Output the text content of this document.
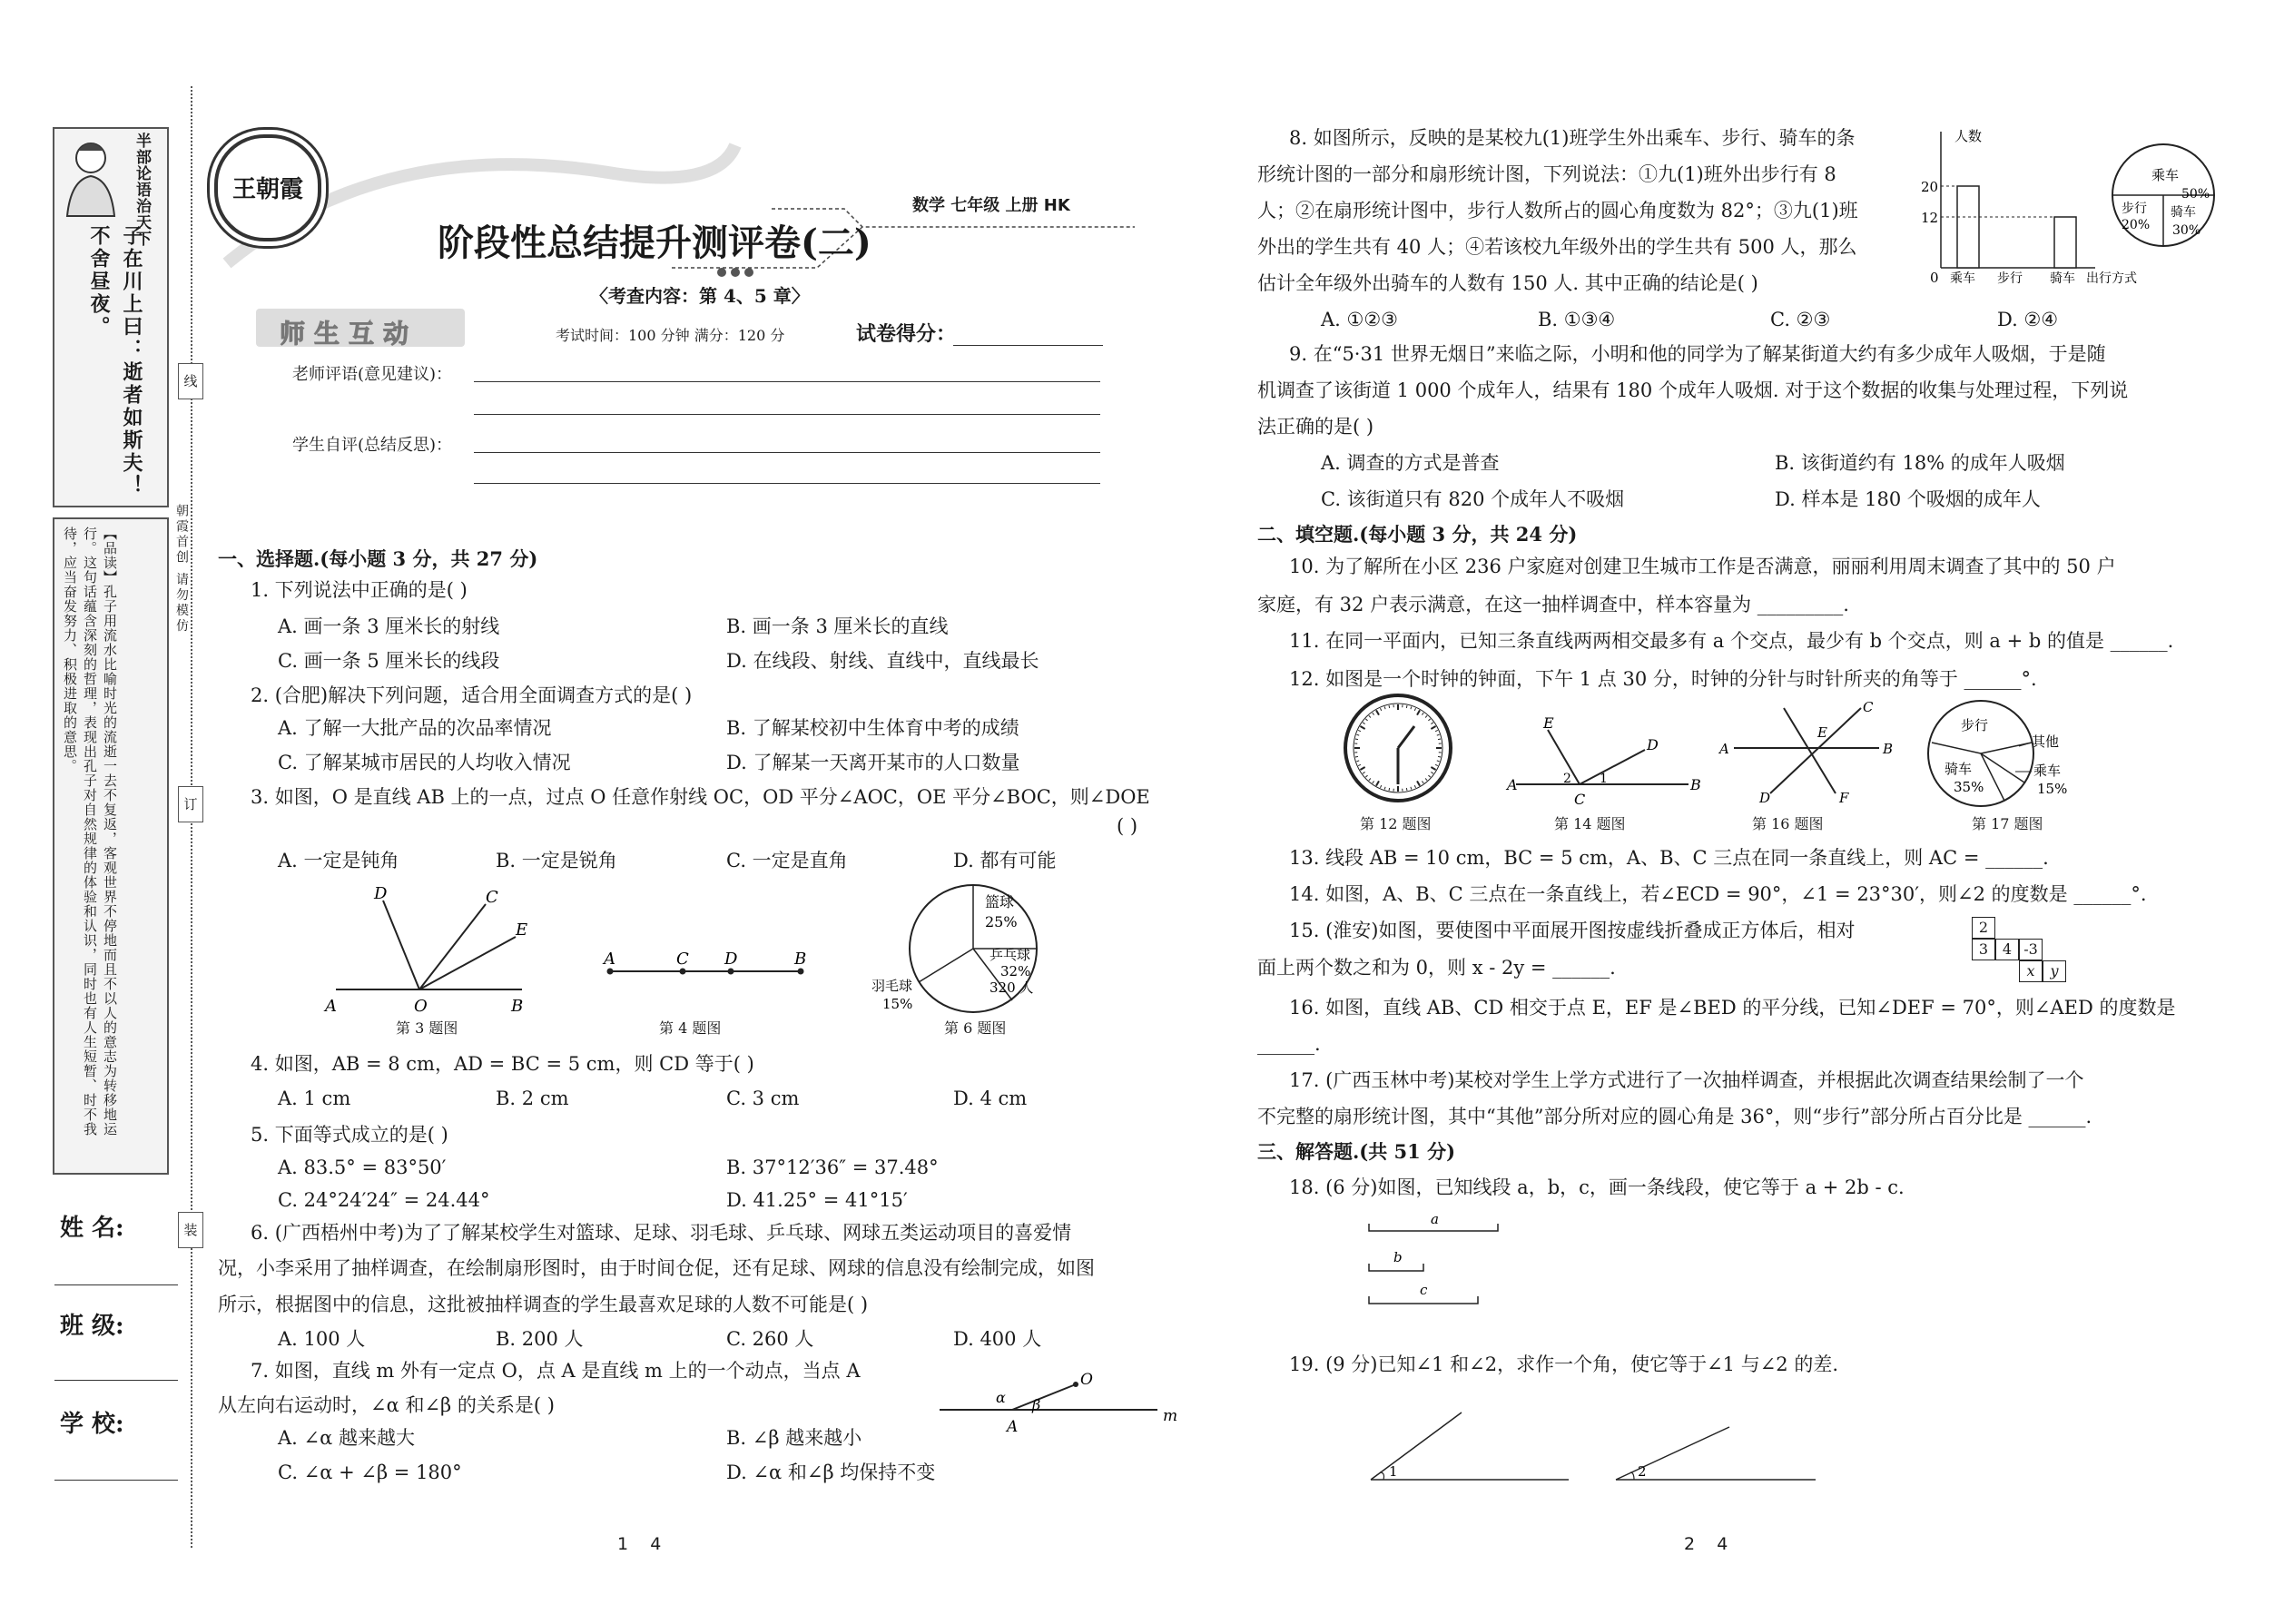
半部论语治天下
子在川上曰：逝者如斯夫！
不舍昼夜。
【品读】孔子用流水比喻时光的流逝一去不复返，客观世界不停地而且不以人的意志为转移地运行。这句话蕴含深刻的哲理，表现出孔子对自然规律的体验和认识，同时也有人生短暂、时不我待，应当奋发努力、积极进取的意思。
姓 名:
班 级:
学 校:
线
订
装
朝霞首创 请勿模仿
王朝霞
数学 七年级 上册 HK
阶段性总结提升测评卷(二)
〈考查内容：第 4、5 章〉
师生互动	考试时间：100 分钟 满分：120 分	试卷得分：
老师评语(意见建议)：
学生自评(总结反思)：
一、选择题.(每小题 3 分，共 27 分)
1. 下列说法中正确的是( )
A. 画一条 3 厘米长的射线	B. 画一条 3 厘米长的直线
C. 画一条 5 厘米长的线段	D. 在线段、射线、直线中，直线最长
2. (合肥)解决下列问题，适合用全面调查方式的是( )
A. 了解一大批产品的次品率情况	B. 了解某校初中生体育中考的成绩
C. 了解某城市居民的人均收入情况	D. 了解某一天离开某市的人口数量
3. 如图，O 是直线 AB 上的一点，过点 O 任意作射线 OC，OD 平分∠AOC，OE 平分∠BOC，则∠DOE
( )
A. 一定是钝角	B. 一定是锐角	C. 一定是直角	D. 都有可能
4. 如图，AB = 8 cm，AD = BC = 5 cm，则 CD 等于( )
A. 1 cm	B. 2 cm	C. 3 cm	D. 4 cm
5. 下面等式成立的是( )
A. 83.5° = 83°50′	B. 37°12′36″ = 37.48°
C. 24°24′24″ = 24.44°	D. 41.25° = 41°15′
6. (广西梧州中考)为了了解某校学生对篮球、足球、羽毛球、乒乓球、网球五类运动项目的喜爱情
况，小李采用了抽样调查，在绘制扇形图时，由于时间仓促，还有足球、网球的信息没有绘制完成，如图
所示，根据图中的信息，这批被抽样调查的学生最喜欢足球的人数不可能是( )
A. 100 人	B. 200 人	C. 260 人	D. 400 人
7. 如图，直线 m 外有一定点 O，点 A 是直线 m 上的一个动点，当点 A
从左向右运动时，∠α 和∠β 的关系是( )
A. ∠α 越来越大	B. ∠β 越来越小
C. ∠α + ∠β = 180°	D. ∠α 和∠β 均保持不变
A	B
O
D	C
E
第 3 题图
A	C D	B
第 4 题图
篮球
25%
乒乓球
32%
320 人
羽毛球
15%
第 6 题图
O
A
α β
m
1    4
8. 如图所示，反映的是某校九(1)班学生外出乘车、步行、骑车的条
形统计图的一部分和扇形统计图，下列说法：①九(1)班外出步行有 8
人；②在扇形统计图中，步行人数所占的圆心角度数为 82°；③九(1)班
外出的学生共有 40 人；④若该校九年级外出的学生共有 500 人，那么
估计全年级外出骑车的人数有 150 人. 其中正确的结论是( )
A. ①②③	B. ①③④	C. ②③	D. ②④
9. 在“5·31 世界无烟日”来临之际，小明和他的同学为了解某街道大约有多少成年人吸烟，于是随
机调查了该街道 1 000 个成年人，结果有 180 个成年人吸烟. 对于这个数据的收集与处理过程，下列说
法正确的是( )
A. 调查的方式是普查	B. 该街道约有 18% 的成年人吸烟
C. 该街道只有 820 个成年人不吸烟	D. 样本是 180 个吸烟的成年人
二、填空题.(每小题 3 分，共 24 分)
10. 为了解所在小区 236 户家庭对创建卫生城市工作是否满意，丽丽利用周末调查了其中的 50 户
家庭，有 32 户表示满意，在这一抽样调查中，样本容量为 _________.
11. 在同一平面内，已知三条直线两两相交最多有 a 个交点，最少有 b 个交点，则 a + b 的值是 ______.
12. 如图是一个时钟的钟面，下午 1 点 30 分，时钟的分针与时针所夹的角等于 ______°.
13. 线段 AB = 10 cm，BC = 5 cm，A、B、C 三点在同一条直线上，则 AC = ______.
14. 如图，A、B、C 三点在一条直线上，若∠ECD = 90°，∠1 = 23°30′，则∠2 的度数是 ______°.
15. (淮安)如图，要使图中平面展开图按虚线折叠成正方体后，相对
面上两个数之和为 0，则 x - 2y = ______.
16. 如图，直线 AB、CD 相交于点 E，EF 是∠BED 的平分线，已知∠DEF = 70°，则∠AED 的度数是
______.
17. (广西玉林中考)某校对学生上学方式进行了一次抽样调查，并根据此次调查结果绘制了一个
不完整的扇形统计图，其中“其他”部分所对应的圆心角是 36°，则“步行”部分所占百分比是 ______.
三、解答题.(共 51 分)
18. (6 分)如图，已知线段 a，b，c，画一条线段，使它等于 a + 2b - c.
人数
20
12
0 乘车 步行 骑车 出行方式
乘车
50%
步行
20%
骑车
30%
第 12 题图
A
C
B
E
D
2 1
第 14 题图
A	B
E
C
D	F
第 16 题图
步行
骑车
35%
其他
乘车
15%
第 17 题图
2
3 4 -3
x	y
a
b
c
19. (9 分)已知∠1 和∠2，求作一个角，使它等于∠1 与∠2 的差.
1	2
2    4
